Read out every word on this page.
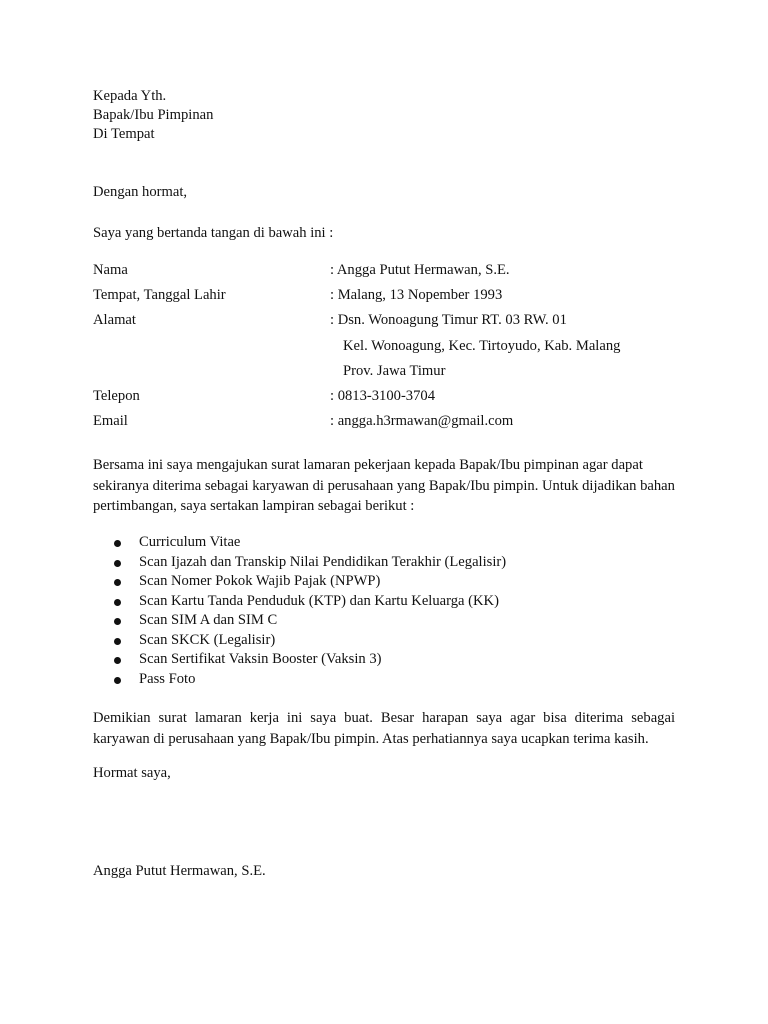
Kepada Yth.
Bapak/Ibu Pimpinan
Di Tempat
Dengan hormat,
Saya yang bertanda tangan di bawah ini :
Nama	: Angga Putut Hermawan, S.E.
Tempat, Tanggal Lahir	: Malang, 13 Nopember 1993
Alamat	: Dsn. Wonoagung Timur RT. 03 RW. 01
Kel. Wonoagung, Kec. Tirtoyudo, Kab. Malang
Prov. Jawa Timur
Telepon	: 0813-3100-3704
Email	: angga.h3rmawan@gmail.com
Bersama ini saya mengajukan surat lamaran pekerjaan kepada Bapak/Ibu pimpinan agar dapat sekiranya diterima sebagai karyawan di perusahaan yang Bapak/Ibu pimpin. Untuk dijadikan bahan pertimbangan, saya sertakan lampiran sebagai berikut :
Curriculum Vitae
Scan Ijazah dan Transkip Nilai Pendidikan Terakhir (Legalisir)
Scan Nomer Pokok Wajib Pajak (NPWP)
Scan Kartu Tanda Penduduk (KTP) dan Kartu Keluarga (KK)
Scan SIM A dan SIM C
Scan SKCK (Legalisir)
Scan Sertifikat Vaksin Booster (Vaksin 3)
Pass Foto
Demikian surat lamaran kerja ini saya buat. Besar harapan saya agar bisa diterima sebagai karyawan di perusahaan yang Bapak/Ibu pimpin. Atas perhatiannya saya ucapkan terima kasih.
Hormat saya,
Angga Putut Hermawan, S.E.
